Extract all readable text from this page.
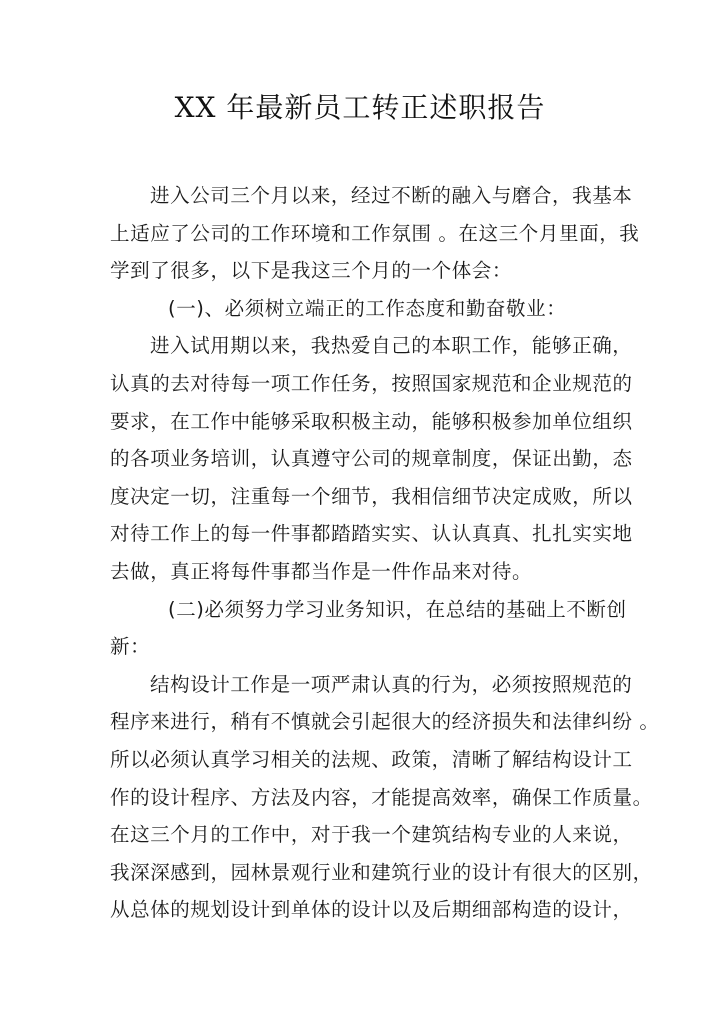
XX 年最新员工转正述职报告
进入公司三个月以来，经过不断的融入与磨合，我基本
上适应了公司的工作环境和工作氛围 。在这三个月里面，我
学到了很多，以下是我这三个月的一个体会：
(一)、必须树立端正的工作态度和勤奋敬业：
进入试用期以来，我热爱自己的本职工作，能够正确，
认真的去对待每一项工作任务，按照国家规范和企业规范的
要求，在工作中能够采取积极主动，能够积极参加单位组织
的各项业务培训，认真遵守公司的规章制度，保证出勤，态
度决定一切，注重每一个细节，我相信细节决定成败，所以
对待工作上的每一件事都踏踏实实、认认真真、扎扎实实地
去做，真正将每件事都当作是一件作品来对待。
(二)必须努力学习业务知识，在总结的基础上不断创
新：
结构设计工作是一项严肃认真的行为，必须按照规范的
程序来进行，稍有不慎就会引起很大的经济损失和法律纠纷 。
所以必须认真学习相关的法规、政策，清晰了解结构设计工
作的设计程序、方法及内容，才能提高效率，确保工作质量。
在这三个月的工作中，对于我一个建筑结构专业的人来说，
我深深感到，园林景观行业和建筑行业的设计有很大的区别，
从总体的规划设计到单体的设计以及后期细部构造的设计，
